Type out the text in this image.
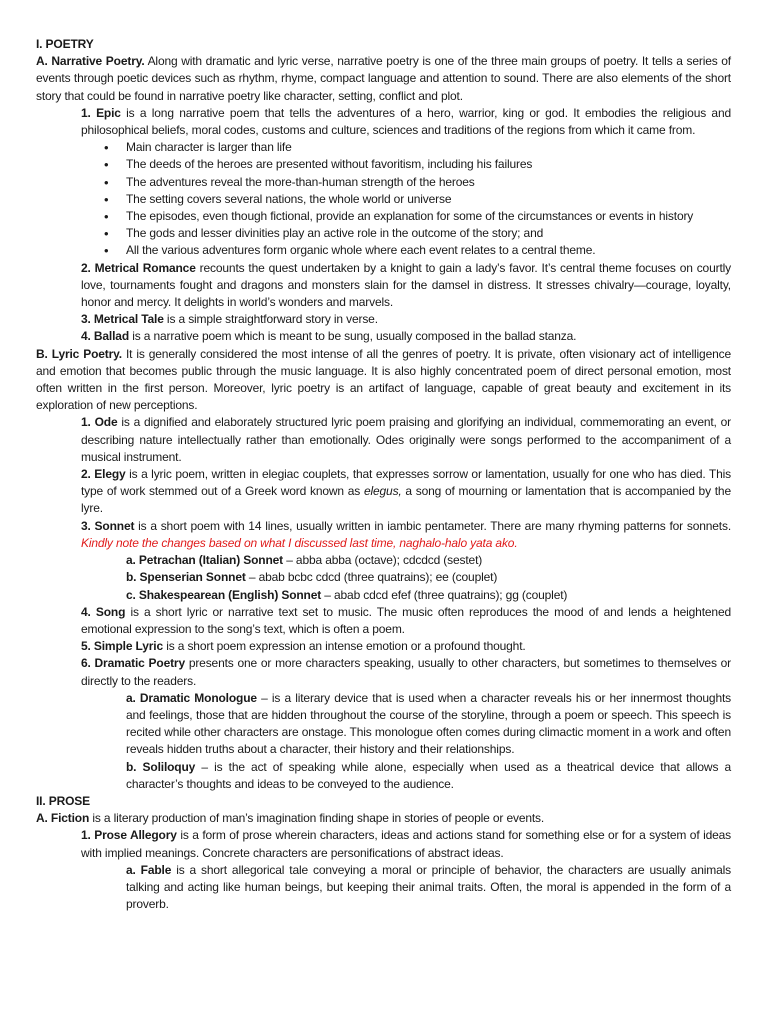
I. POETRY

A. Narrative Poetry. Along with dramatic and lyric verse, narrative poetry is one of the three main groups of poetry. It tells a series of events through poetic devices such as rhythm, rhyme, compact language and attention to sound. There are also elements of the short story that could be found in narrative poetry like character, setting, conflict and plot.

1. Epic is a long narrative poem that tells the adventures of a hero, warrior, king or god. It embodies the religious and philosophical beliefs, moral codes, customs and culture, sciences and traditions of the regions from which it came from.

• Main character is larger than life
• The deeds of the heroes are presented without favoritism, including his failures
• The adventures reveal the more-than-human strength of the heroes
• The setting covers several nations, the whole world or universe
• The episodes, even though fictional, provide an explanation for some of the circumstances or events in history
• The gods and lesser divinities play an active role in the outcome of the story; and
• All the various adventures form organic whole where each event relates to a central theme.

2. Metrical Romance recounts the quest undertaken by a knight to gain a lady’s favor. It’s central theme focuses on courtly love, tournaments fought and dragons and monsters slain for the damsel in distress. It stresses chivalry—courage, loyalty, honor and mercy. It delights in world’s wonders and marvels.

3. Metrical Tale is a simple straightforward story in verse.

4. Ballad is a narrative poem which is meant to be sung, usually composed in the ballad stanza.

B. Lyric Poetry. It is generally considered the most intense of all the genres of poetry. It is private, often visionary act of intelligence and emotion that becomes public through the music language. It is also highly concentrated poem of direct personal emotion, most often written in the first person. Moreover, lyric poetry is an artifact of language, capable of great beauty and excitement in its exploration of new perceptions.

1. Ode is a dignified and elaborately structured lyric poem praising and glorifying an individual, commemorating an event, or describing nature intellectually rather than emotionally. Odes originally were songs performed to the accompaniment of a musical instrument.

2. Elegy is a lyric poem, written in elegiac couplets, that expresses sorrow or lamentation, usually for one who has died. This type of work stemmed out of a Greek word known as elegus, a song of mourning or lamentation that is accompanied by the lyre.

3. Sonnet is a short poem with 14 lines, usually written in iambic pentameter. There are many rhyming patterns for sonnets. Kindly note the changes based on what I discussed last time, naghalo-halo yata ako.

a. Petrachan (Italian) Sonnet – abba abba (octave); cdcdcd (sestet)

b. Spenserian Sonnet – abab bcbc cdcd (three quatrains); ee (couplet)

c. Shakespearean (English) Sonnet – abab cdcd efef (three quatrains); gg (couplet)

4. Song is a short lyric or narrative text set to music. The music often reproduces the mood of and lends a heightened emotional expression to the song’s text, which is often a poem.

5. Simple Lyric is a short poem expression an intense emotion or a profound thought.

6. Dramatic Poetry presents one or more characters speaking, usually to other characters, but sometimes to themselves or directly to the readers.

a. Dramatic Monologue – is a literary device that is used when a character reveals his or her innermost thoughts and feelings, those that are hidden throughout the course of the storyline, through a poem or speech. This speech is recited while other characters are onstage. This monologue often comes during climactic moment in a work and often reveals hidden truths about a character, their history and their relationships.

b. Soliloquy – is the act of speaking while alone, especially when used as a theatrical device that allows a character’s thoughts and ideas to be conveyed to the audience.

II. PROSE

A. Fiction is a literary production of man’s imagination finding shape in stories of people or events.

1. Prose Allegory is a form of prose wherein characters, ideas and actions stand for something else or for a system of ideas with implied meanings. Concrete characters are personifications of abstract ideas.

a. Fable is a short allegorical tale conveying a moral or principle of behavior, the characters are usually animals talking and acting like human beings, but keeping their animal traits. Often, the moral is appended in the form of a proverb.
